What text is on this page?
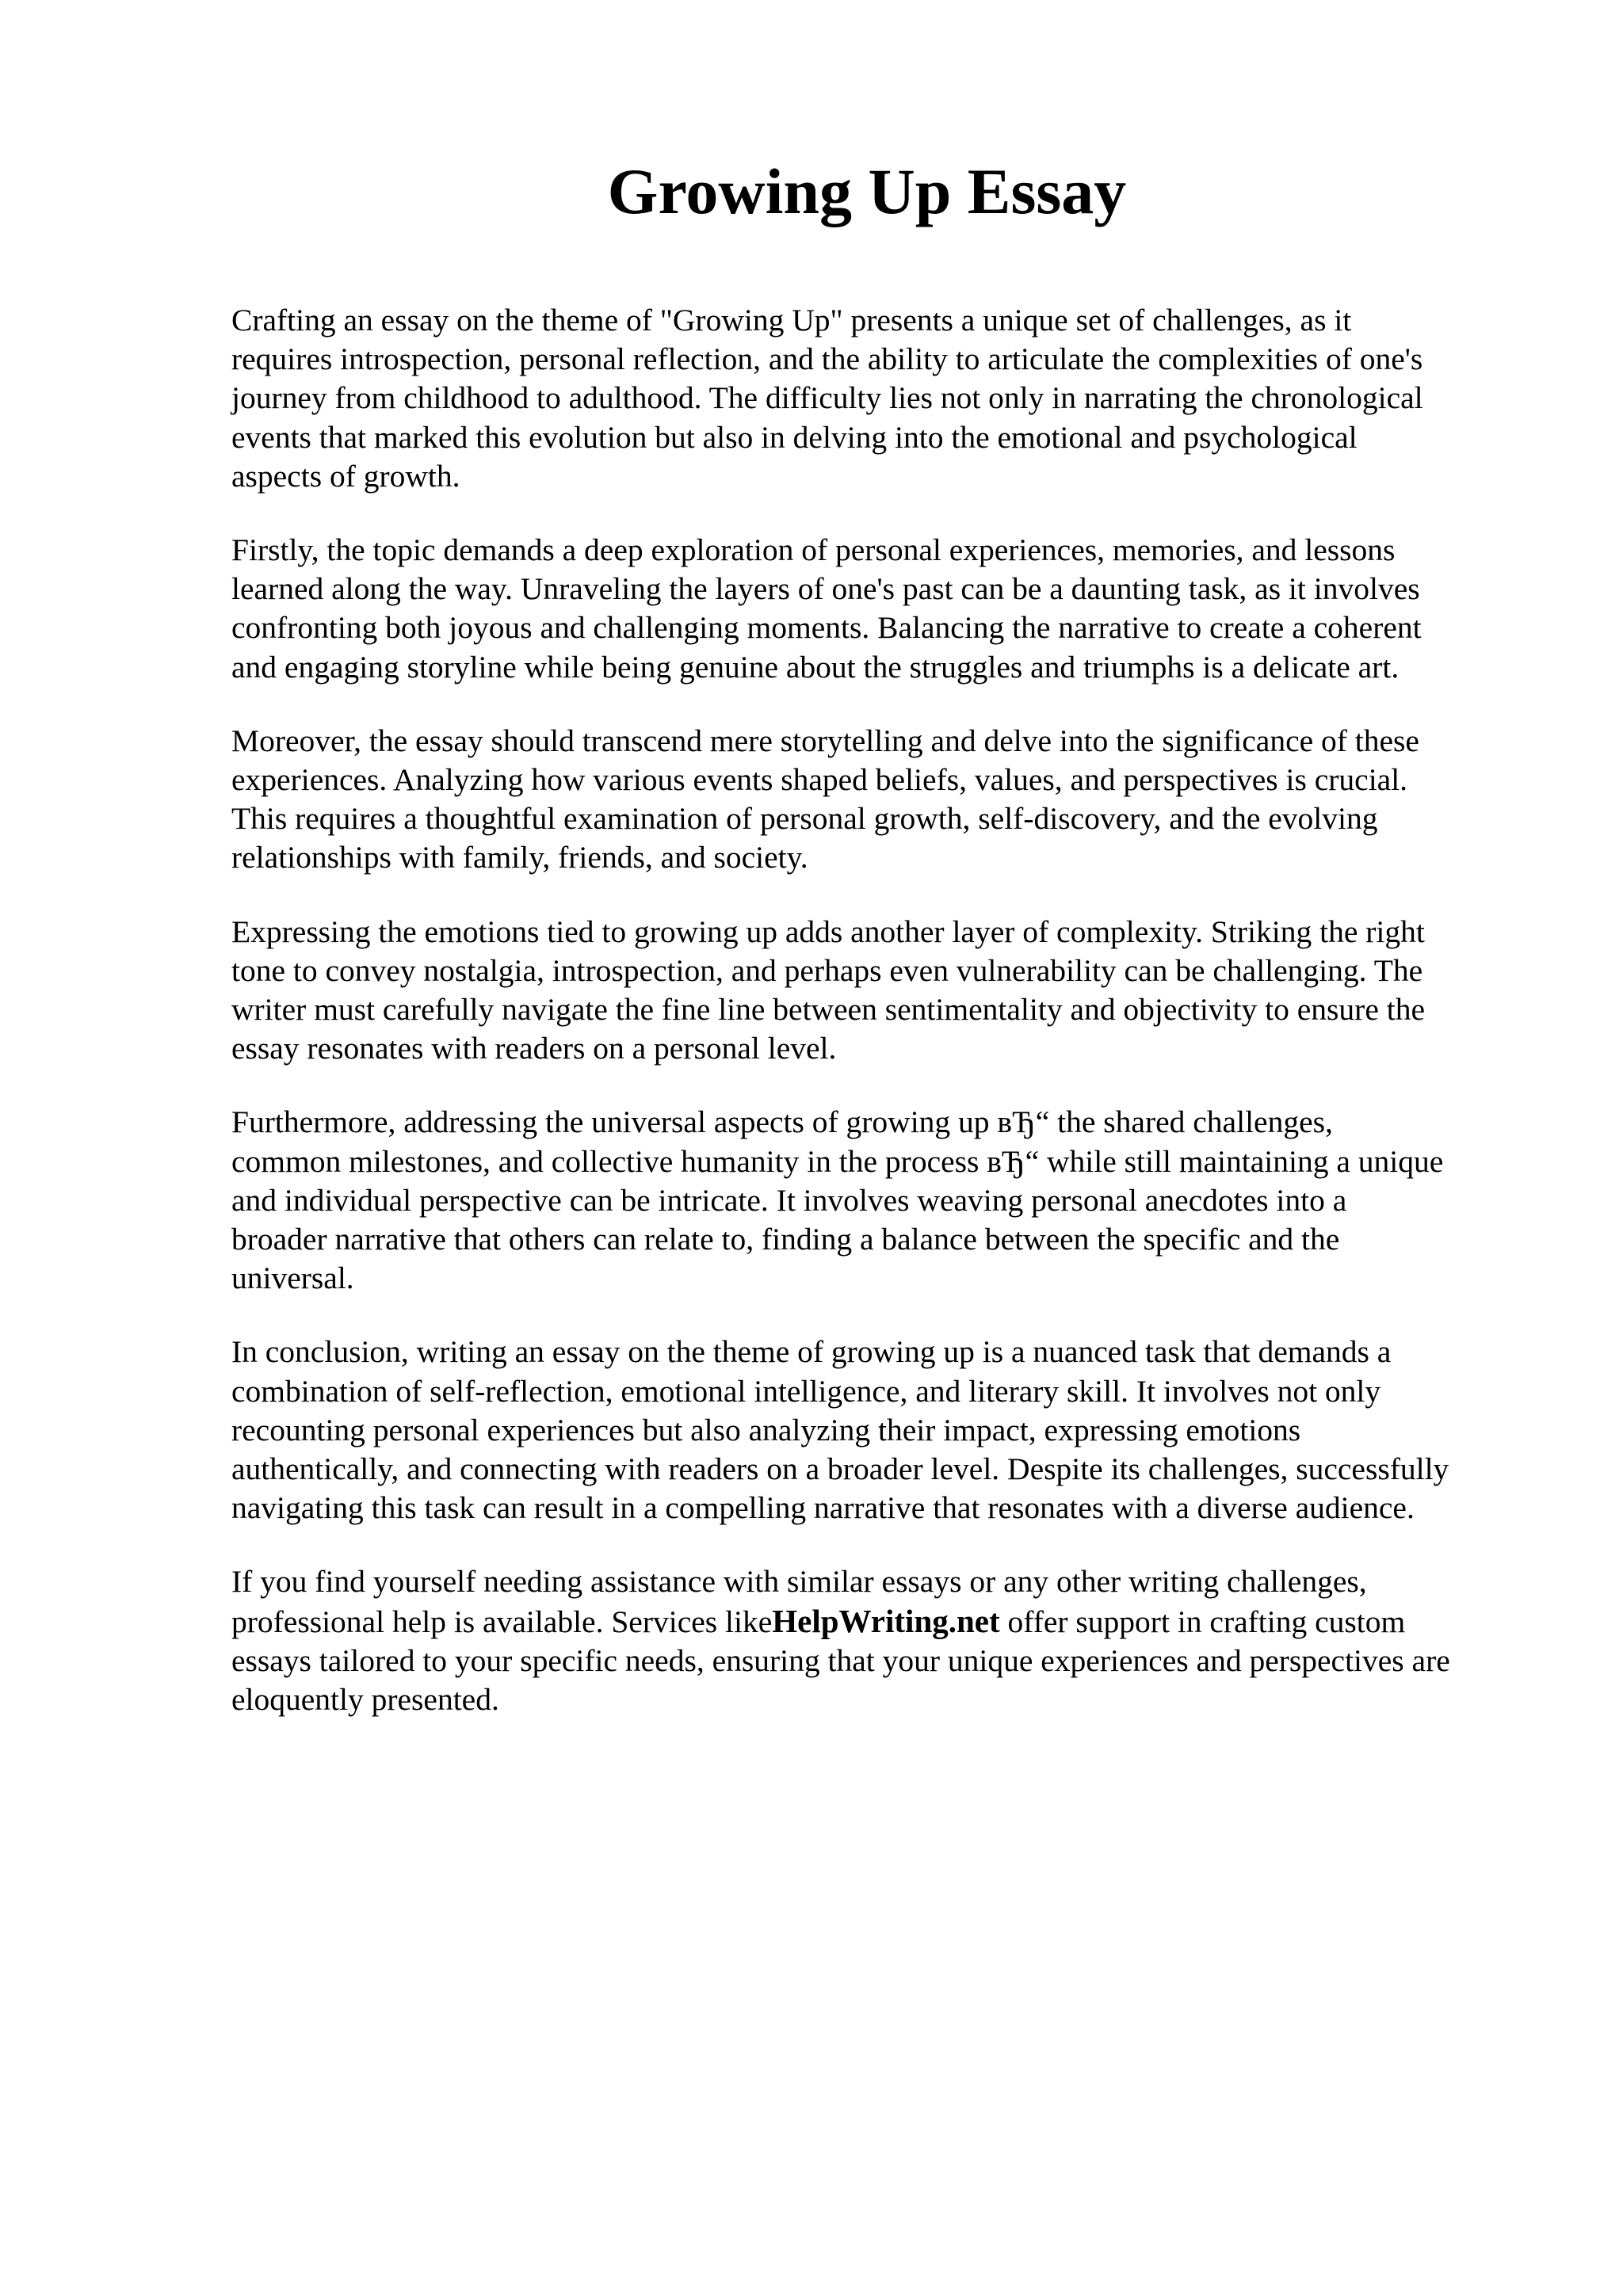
Growing Up Essay

Crafting an essay on the theme of "Growing Up" presents a unique set of challenges, as it
requires introspection, personal reflection, and the ability to articulate the complexities of one's
journey from childhood to adulthood. The difficulty lies not only in narrating the chronological
events that marked this evolution but also in delving into the emotional and psychological
aspects of growth.

Firstly, the topic demands a deep exploration of personal experiences, memories, and lessons
learned along the way. Unraveling the layers of one's past can be a daunting task, as it involves
confronting both joyous and challenging moments. Balancing the narrative to create a coherent
and engaging storyline while being genuine about the struggles and triumphs is a delicate art.

Moreover, the essay should transcend mere storytelling and delve into the significance of these
experiences. Analyzing how various events shaped beliefs, values, and perspectives is crucial.
This requires a thoughtful examination of personal growth, self-discovery, and the evolving
relationships with family, friends, and society.

Expressing the emotions tied to growing up adds another layer of complexity. Striking the right
tone to convey nostalgia, introspection, and perhaps even vulnerability can be challenging. The
writer must carefully navigate the fine line between sentimentality and objectivity to ensure the
essay resonates with readers on a personal level.

Furthermore, addressing the universal aspects of growing up вЂ“ the shared challenges,
common milestones, and collective humanity in the process вЂ“ while still maintaining a unique
and individual perspective can be intricate. It involves weaving personal anecdotes into a
broader narrative that others can relate to, finding a balance between the specific and the
universal.

In conclusion, writing an essay on the theme of growing up is a nuanced task that demands a
combination of self-reflection, emotional intelligence, and literary skill. It involves not only
recounting personal experiences but also analyzing their impact, expressing emotions
authentically, and connecting with readers on a broader level. Despite its challenges, successfully
navigating this task can result in a compelling narrative that resonates with a diverse audience.

If you find yourself needing assistance with similar essays or any other writing challenges,
professional help is available. Services likeHelpWriting.net offer support in crafting custom
essays tailored to your specific needs, ensuring that your unique experiences and perspectives are
eloquently presented.
